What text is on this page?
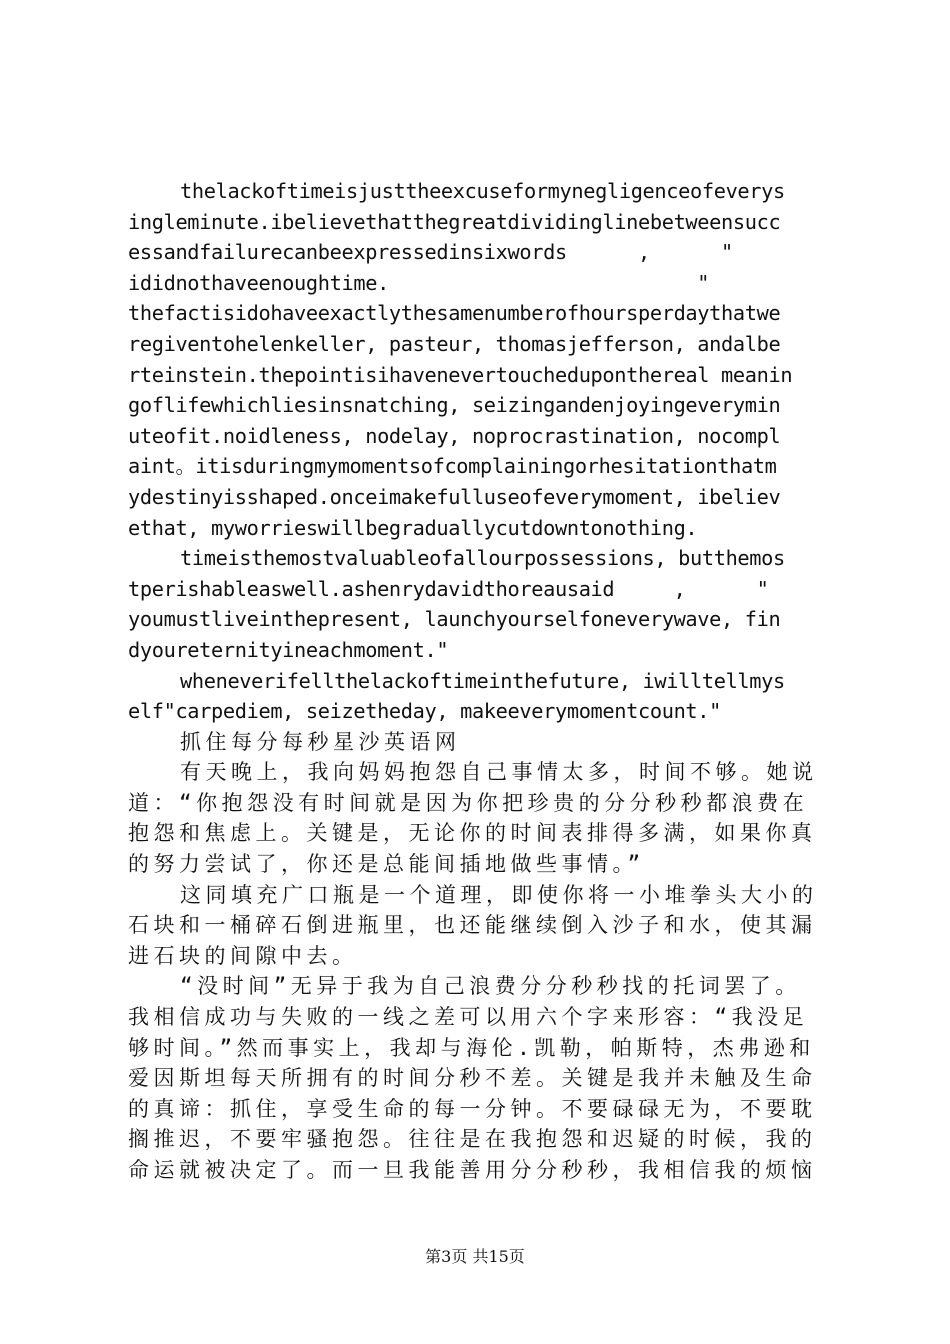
thelackoftimeisjusttheexcuseformynegligenceofeverys
ingleminute.ibelievethatthegreatdividinglinebetweensucc
essandfailurecanbeexpressedinsixwords      ,      "
ididnothaveenoughtime.                          "
thefactisidohaveexactlythesamenumberofhoursperdaythatwe
regiventohelenkeller, pasteur, thomasjefferson, andalbe
rteinstein.thepointisihavenevertoucheduponthereal meanin
goflifewhichliesinsnatching, seizingandenjoyingeverymin
uteofit.noidleness, nodelay, noprocrastination, nocompl
aint。itisduringmymomentsofcomplainingorhesitationthatm
ydestinyisshaped.onceimakefulluseofeverymoment, ibeliev
ethat, myworrieswillbegraduallycutdowntonothing.
timeisthemostvaluableofallourpossessions, butthemos
tperishableaswell.ashenrydavidthoreausaid     ,      "
youmustliveinthepresent, launchyourselfoneverywave, fin
dyoureternityineachmoment."
wheneverifellthelackoftimeinthefuture, iwilltellmys
elf"carpediem, seizetheday, makeeverymomentcount."
抓住每分每秒星沙英语网
有天晚上，我向妈妈抱怨自己事情太多，时间不够。她说
道：“你抱怨没有时间就是因为你把珍贵的分分秒秒都浪费在
抱怨和焦虑上。关键是，无论你的时间表排得多满，如果你真
的努力尝试了，你还是总能间插地做些事情。”
这同填充广口瓶是一个道理，即使你将一小堆拳头大小的
石块和一桶碎石倒进瓶里，也还能继续倒入沙子和水，使其漏
进石块的间隙中去。
“没时间”无异于我为自己浪费分分秒秒找的托词罢了。
我相信成功与失败的一线之差可以用六个字来形容：“我没足
够时间。”然而事实上，我却与海伦.凯勒，帕斯特，杰弗逊和
爱因斯坦每天所拥有的时间分秒不差。关键是我并未触及生命
的真谛：抓住，享受生命的每一分钟。不要碌碌无为，不要耽
搁推迟，不要牢骚抱怨。往往是在我抱怨和迟疑的时候，我的
命运就被决定了。而一旦我能善用分分秒秒，我相信我的烦恼
第3页 共15页
